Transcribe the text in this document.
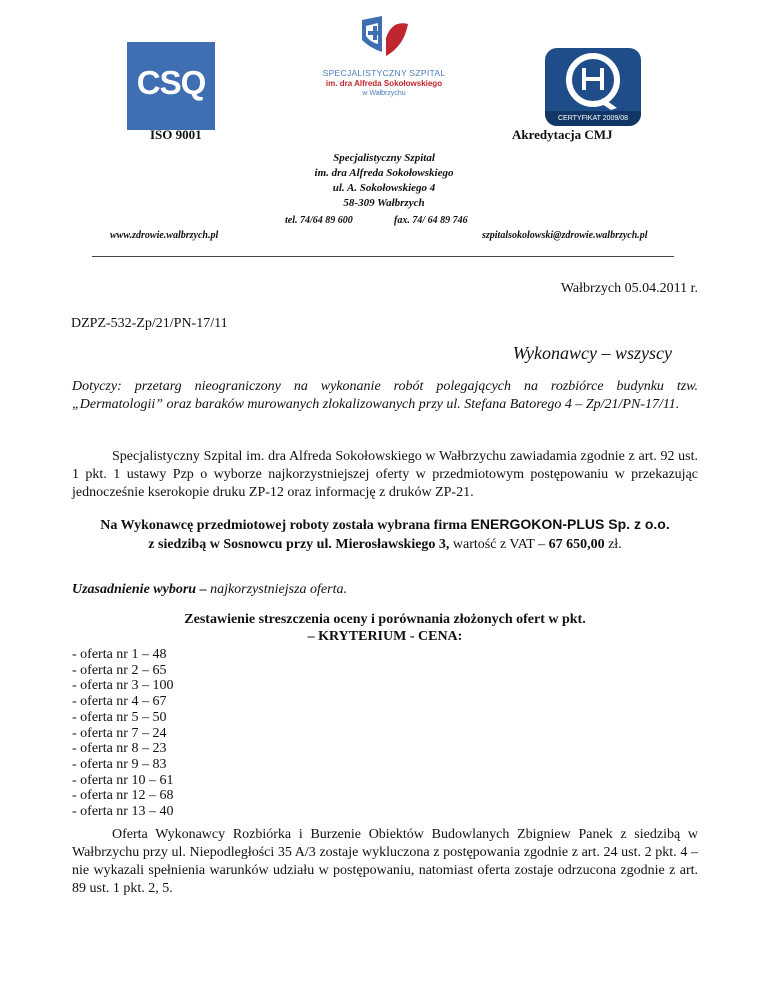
CSQ
ISO 9001
SPECJALISTYCZNY SZPITAL
im. dra Alfreda Sokołowskiego
w Wałbrzychu
CERTYFIKAT 2009/08
Akredytacja CMJ
Specjalistyczny Szpital
im. dra Alfreda Sokołowskiego
ul. A. Sokołowskiego 4
58-309 Wałbrzych
tel. 74/64 89 600	fax. 74/ 64 89 746
www.zdrowie.walbrzych.pl	szpitalsokolowski@zdrowie.walbrzych.pl
Wałbrzych 05.04.2011 r.
DZPZ-532-Zp/21/PN-17/11
Wykonawcy – wszyscy
Dotyczy: przetarg nieograniczony na wykonanie robót polegających na rozbiórce budynku tzw. „Dermatologii” oraz baraków murowanych zlokalizowanych przy ul. Stefana Batorego 4 – Zp/21/PN-17/11.
Specjalistyczny Szpital im. dra Alfreda Sokołowskiego w Wałbrzychu zawiadamia zgodnie z art. 92 ust. 1 pkt. 1 ustawy Pzp o wyborze najkorzystniejszej oferty w przedmiotowym postępowaniu w przekazując jednocześnie kserokopie druku ZP-12 oraz informację z druków ZP-21.
Na Wykonawcę przedmiotowej roboty została wybrana firma ENERGOKON-PLUS Sp. z o.o.
z siedzibą w Sosnowcu przy ul. Mierosławskiego 3, wartość z VAT – 67 650,00 zł.
Uzasadnienie wyboru – najkorzystniejsza oferta.
Zestawienie streszczenia oceny i porównania złożonych ofert w pkt.
– KRYTERIUM - CENA:
- oferta nr 1 – 48
- oferta nr 2 – 65
- oferta nr 3 – 100
- oferta nr 4 – 67
- oferta nr 5 – 50
- oferta nr 7 – 24
- oferta nr 8 – 23
- oferta nr 9 – 83
- oferta nr 10 – 61
- oferta nr 12 – 68
- oferta nr 13 – 40
Oferta Wykonawcy Rozbiórka i Burzenie Obiektów Budowlanych Zbigniew Panek z siedzibą w Wałbrzychu przy ul. Niepodległości 35 A/3 zostaje wykluczona z postępowania zgodnie z art. 24 ust. 2 pkt. 4 – nie wykazali spełnienia warunków udziału w postępowaniu, natomiast oferta zostaje odrzucona zgodnie z art. 89 ust. 1 pkt. 2, 5.
